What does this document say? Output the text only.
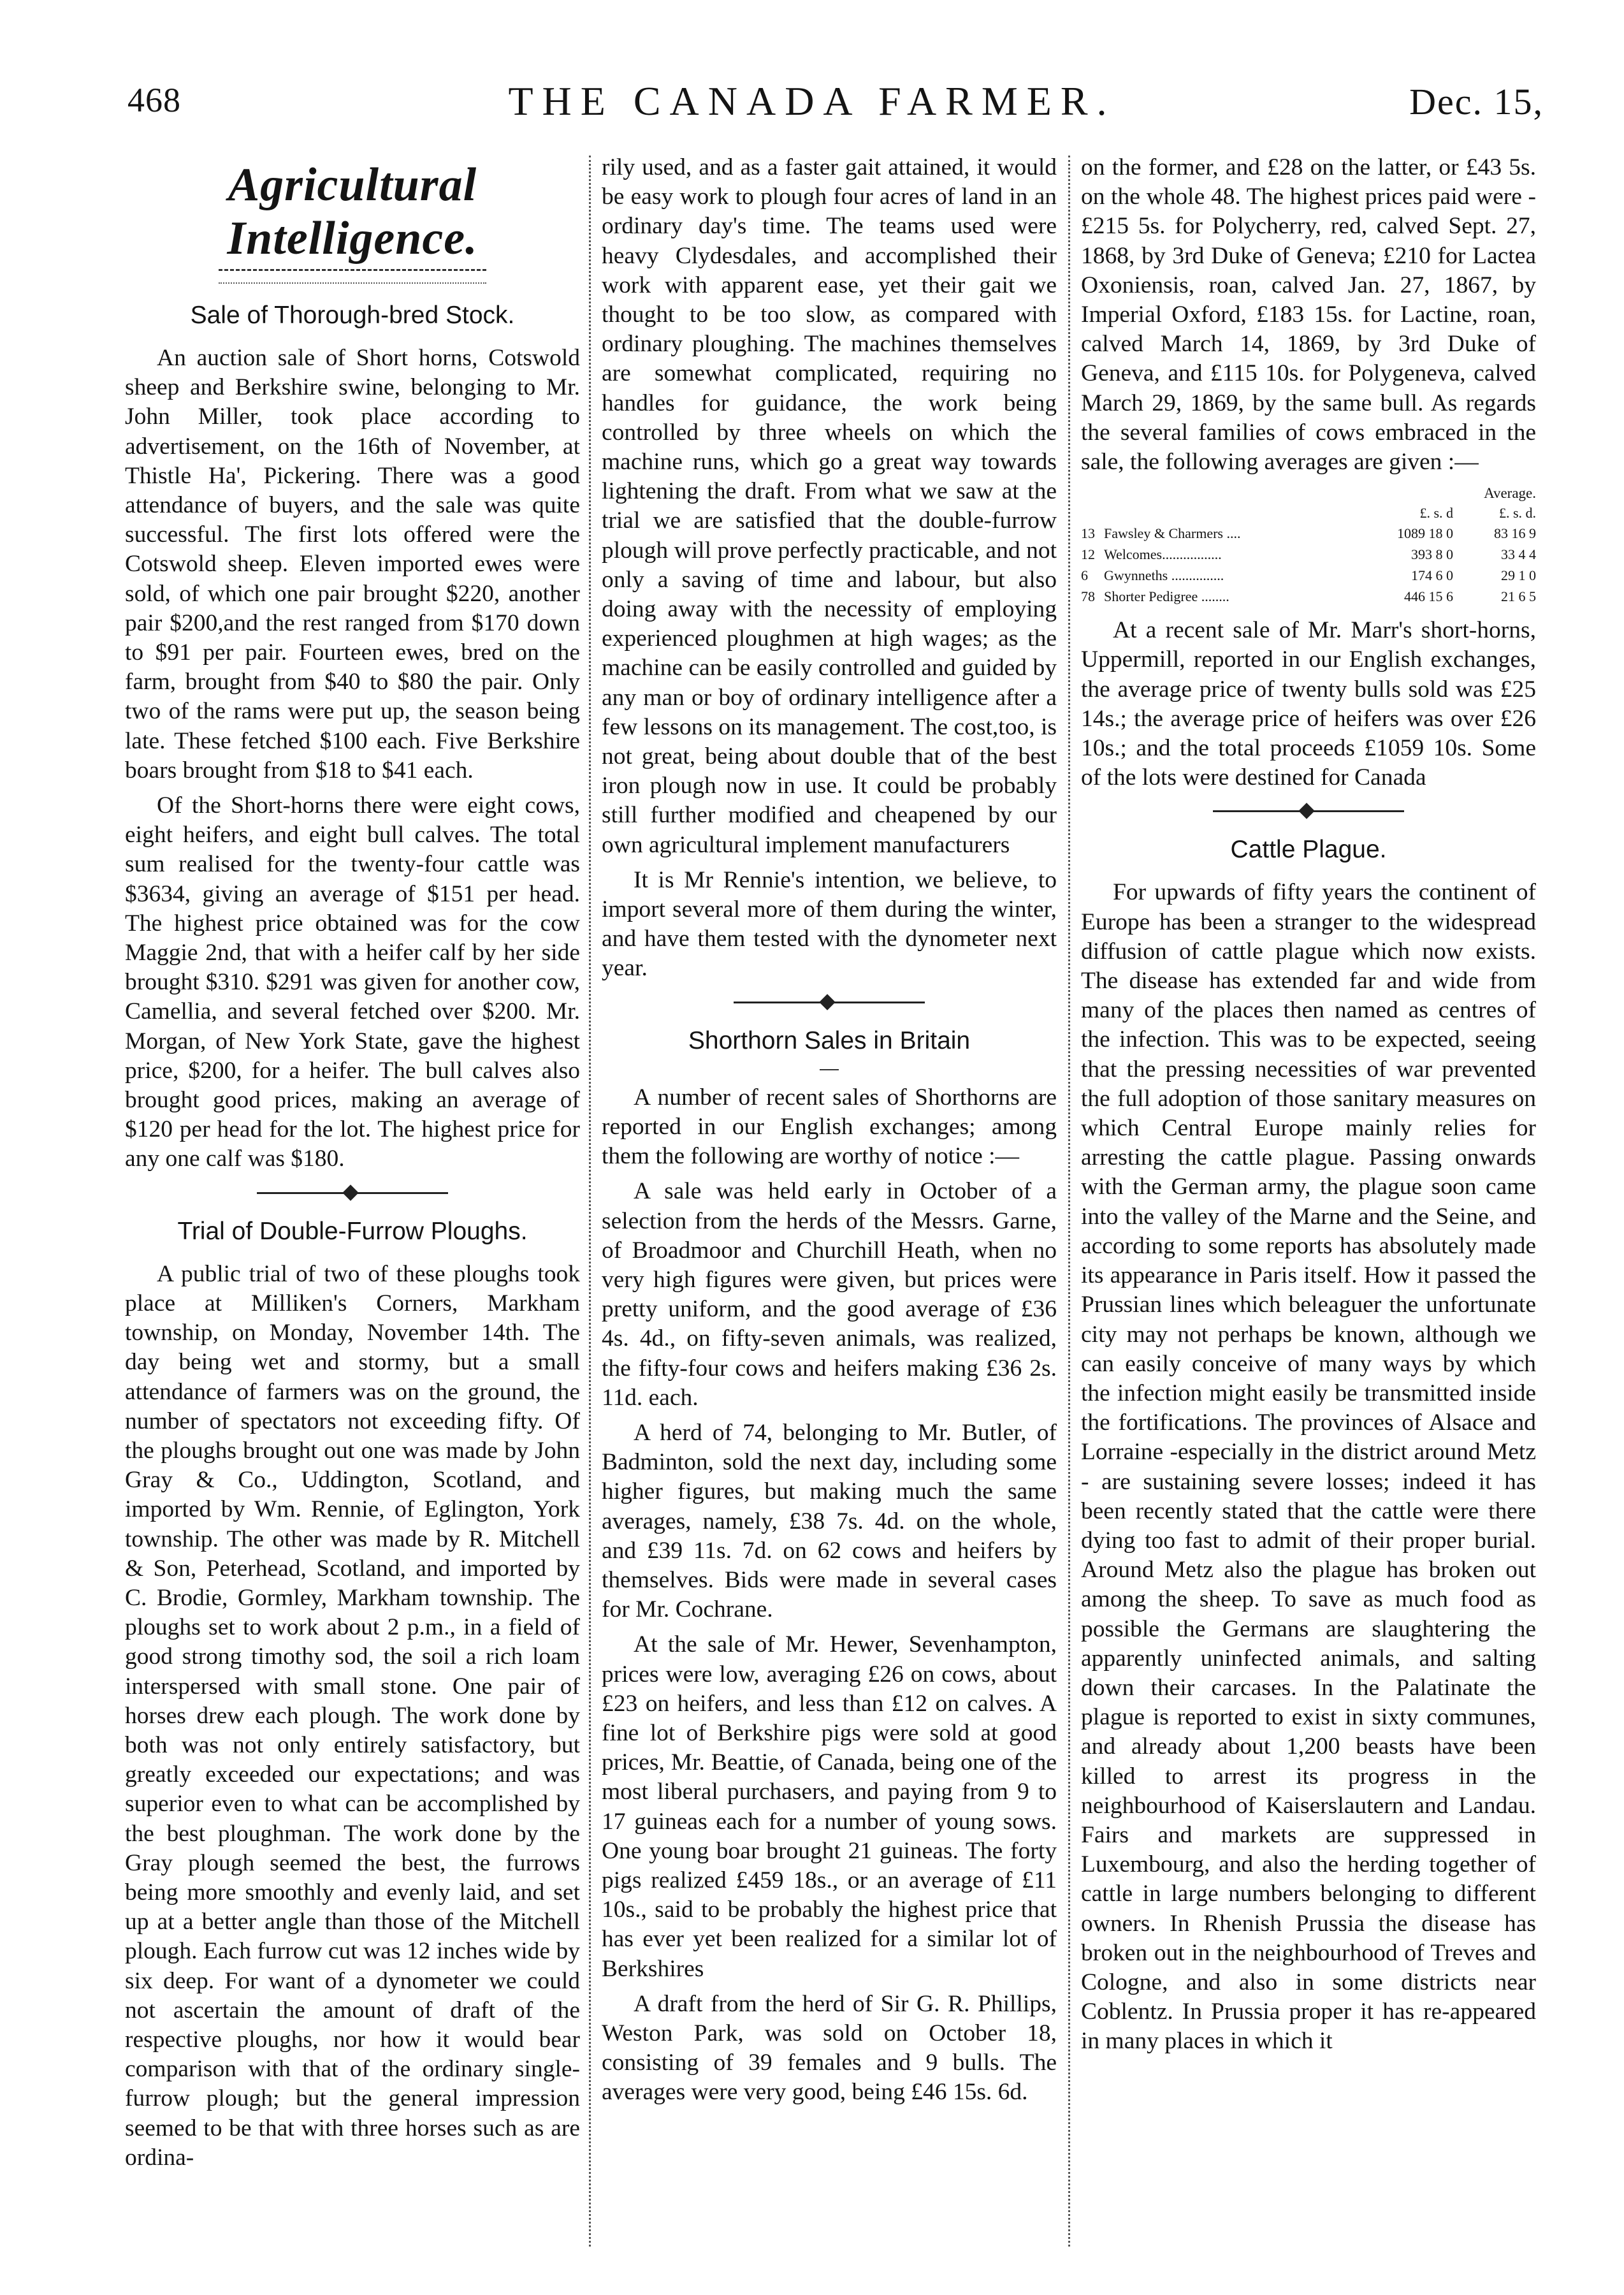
468	THE CANADA FARMER.	Dec. 15,
Agricultural Intelligence.
Sale of Thorough-bred Stock.

An auction sale of Short horns, Cotswold sheep and Berkshire swine, belonging to Mr. John Miller, took place according to advertisement, on the 16th of November, at Thistle Ha', Pickering. There was a good attendance of buyers, and the sale was quite successful. The first lots offered were the Cotswold sheep. Eleven imported ewes were sold, of which one pair brought $220, another pair $200,and the rest ranged from $170 down to $91 per pair. Fourteen ewes, bred on the farm, brought from $40 to $80 the pair. Only two of the rams were put up, the season being late. These fetched $100 each. Five Berkshire boars brought from $18 to $41 each.

Of the Short-horns there were eight cows, eight heifers, and eight bull calves. The total sum realised for the twenty-four cattle was $3634, giving an average of $151 per head. The highest price obtained was for the cow Maggie 2nd, that with a heifer calf by her side brought $310. $291 was given for another cow, Camellia, and several fetched over $200. Mr. Morgan, of New York State, gave the highest price, $200, for a heifer. The bull calves also brought good prices, making an average of $120 per head for the lot. The highest price for any one calf was $180.

Trial of Double-Furrow Ploughs.

A public trial of two of these ploughs took place at Milliken's Corners, Markham township, on Monday, November 14th. The day being wet and stormy, but a small attendance of farmers was on the ground, the number of spectators not exceeding fifty. Of the ploughs brought out one was made by John Gray & Co., Uddington, Scotland, and imported by Wm. Rennie, of Eglington, York township. The other was made by R. Mitchell & Son, Peterhead, Scotland, and imported by C. Brodie, Gormley, Markham township. The ploughs set to work about 2 p.m., in a field of good strong timothy sod, the soil a rich loam interspersed with small stone. One pair of horses drew each plough. The work done by both was not only entirely satisfactory, but greatly exceeded our expectations; and was superior even to what can be accomplished by the best ploughman. The work done by the Gray plough seemed the best, the furrows being more smoothly and evenly laid, and set up at a better angle than those of the Mitchell plough. Each furrow cut was 12 inches wide by six deep. For want of a dynometer we could not ascertain the amount of draft of the respective ploughs, nor how it would bear comparison with that of the ordinary single-furrow plough; but the general impression seemed to be that with three horses such as are ordina-

rily used, and as a faster gait attained, it would be easy work to plough four acres of land in an ordinary day's time. The teams used were heavy Clydesdales, and accomplished their work with apparent ease, yet their gait we thought to be too slow, as compared with ordinary ploughing. The machines themselves are somewhat complicated, requiring no handles for guidance, the work being controlled by three wheels on which the machine runs, which go a great way towards lightening the draft. From what we saw at the trial we are satisfied that the double-furrow plough will prove perfectly practicable, and not only a saving of time and labour, but also doing away with the necessity of employing experienced ploughmen at high wages; as the machine can be easily controlled and guided by any man or boy of ordinary intelligence after a few lessons on its management. The cost,too, is not great, being about double that of the best iron plough now in use. It could be probably still further modified and cheapened by our own agricultural implement manufacturers

It is Mr Rennie's intention, we believe, to import several more of them during the winter, and have them tested with the dynometer next year.

Shorthorn Sales in Britain

A number of recent sales of Shorthorns are reported in our English exchanges; among them the following are worthy of notice :—

A sale was held early in October of a selection from the herds of the Messrs. Garne, of Broadmoor and Churchill Heath, when no very high figures were given, but prices were pretty uniform, and the good average of £36 4s. 4d., on fifty-seven animals, was realized, the fifty-four cows and heifers making £36 2s. 11d. each.

A herd of 74, belonging to Mr. Butler, of Badminton, sold the next day, including some higher figures, but making much the same averages, namely, £38 7s. 4d. on the whole, and £39 11s. 7d. on 62 cows and heifers by themselves. Bids were made in several cases for Mr. Cochrane.

At the sale of Mr. Hewer, Sevenhampton, prices were low, averaging £26 on cows, about £23 on heifers, and less than £12 on calves. A fine lot of Berkshire pigs were sold at good prices, Mr. Beattie, of Canada, being one of the most liberal purchasers, and paying from 9 to 17 guineas each for a number of young sows. One young boar brought 21 guineas. The forty pigs realized £459 18s., or an average of £11 10s., said to be probably the highest price that has ever yet been realized for a similar lot of Berkshires

A draft from the herd of Sir G. R. Phillips, Weston Park, was sold on October 18, consisting of 39 females and 9 bulls. The averages were very good, being £46 15s. 6d.

on the former, and £28 on the latter, or £43 5s. on the whole 48. The highest prices paid were - £215 5s. for Polycherry, red, calved Sept. 27, 1868, by 3rd Duke of Geneva; £210 for Lactea Oxoniensis, roan, calved Jan. 27, 1867, by Imperial Oxford, £183 15s. for Lactine, roan, calved March 14, 1869, by 3rd Duke of Geneva, and £115 10s. for Polygeneva, calved March 29, 1869, by the same bull. As regards the several families of cows embraced in the sale, the following averages are given :—

Average.
		£. s. d	£. s. d.
13	Fawsley & Charmers ....	1089 18 0	83 16 9
12	Welcomes.................	393 8 0	33 4 4
6	Gwynneths ...............	174 6 0	29 1 0
78	Shorter Pedigree ........	446 15 6	21 6 5

At a recent sale of Mr. Marr's short-horns, Uppermill, reported in our English exchanges, the average price of twenty bulls sold was £25 14s.; the average price of heifers was over £26 10s.; and the total proceeds £1059 10s. Some of the lots were destined for Canada

Cattle Plague.

For upwards of fifty years the continent of Europe has been a stranger to the widespread diffusion of cattle plague which now exists. The disease has extended far and wide from many of the places then named as centres of the infection. This was to be expected, seeing that the pressing necessities of war prevented the full adoption of those sanitary measures on which Central Europe mainly relies for arresting the cattle plague. Passing onwards with the German army, the plague soon came into the valley of the Marne and the Seine, and according to some reports has absolutely made its appearance in Paris itself. How it passed the Prussian lines which beleaguer the unfortunate city may not perhaps be known, although we can easily conceive of many ways by which the infection might easily be transmitted inside the fortifications. The provinces of Alsace and Lorraine -especially in the district around Metz - are sustaining severe losses; indeed it has been recently stated that the cattle were there dying too fast to admit of their proper burial. Around Metz also the plague has broken out among the sheep. To save as much food as possible the Germans are slaughtering the apparently uninfected animals, and salting down their carcases. In the Palatinate the plague is reported to exist in sixty communes, and already about 1,200 beasts have been killed to arrest its progress in the neighbourhood of Kaiserslautern and Landau. Fairs and markets are suppressed in Luxembourg, and also the herding together of cattle in large numbers belonging to different owners. In Rhenish Prussia the disease has broken out in the neighbourhood of Treves and Cologne, and also in some districts near Coblentz. In Prussia proper it has re-appeared in many places in which it
